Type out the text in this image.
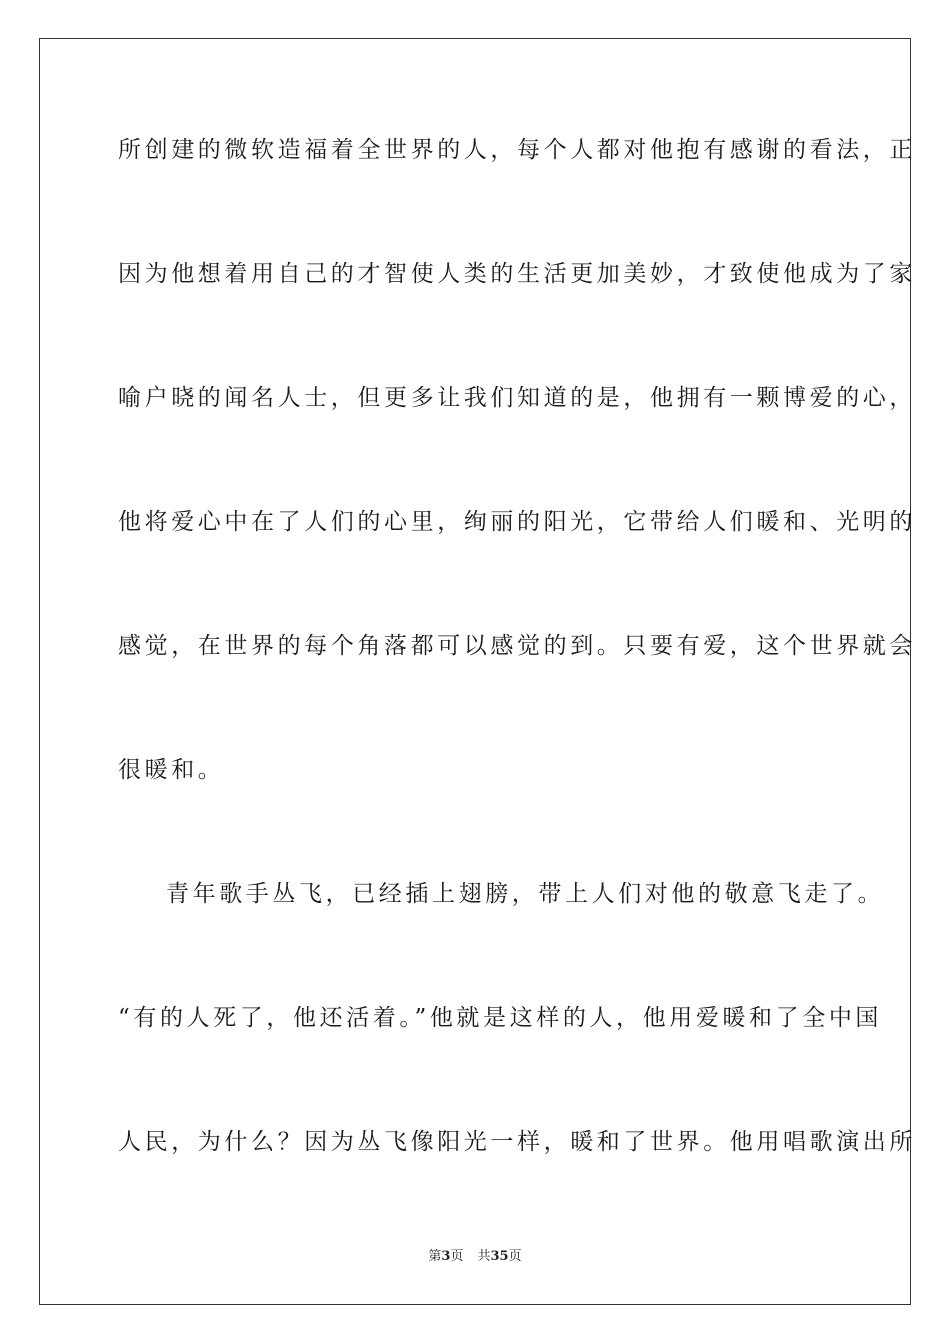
所创建的微软造福着全世界的人，每个人都对他抱有感谢的看法，正
因为他想着用自己的才智使人类的生活更加美妙，才致使他成为了家
喻户晓的闻名人士，但更多让我们知道的是，他拥有一颗博爱的心，
他将爱心中在了人们的心里，绚丽的阳光，它带给人们暖和、光明的
感觉，在世界的每个角落都可以感觉的到。只要有爱，这个世界就会
很暖和。
青年歌手丛飞，已经插上翅膀，带上人们对他的敬意飞走了。
“有的人死了，他还活着。”他就是这样的人，他用爱暖和了全中国
人民，为什么？因为丛飞像阳光一样，暖和了世界。他用唱歌演出所
第3页 共35页
